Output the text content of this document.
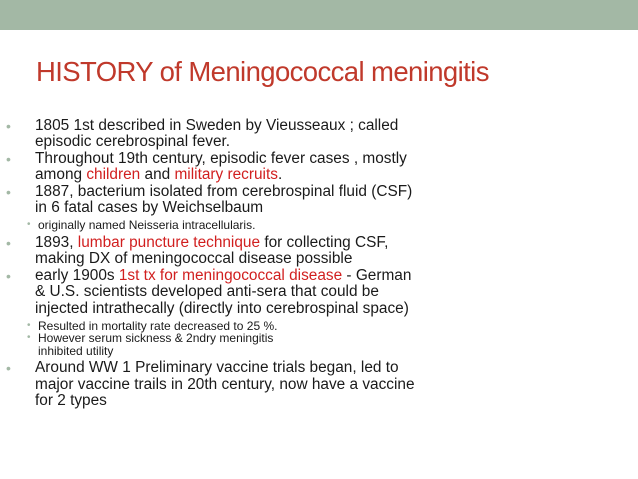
HISTORY of Meningococcal meningitis
• 1805 1st described in Sweden by Vieusseaux ; called episodic cerebrospinal fever.
• Throughout 19th century, episodic fever cases , mostly among children and military recruits.
• 1887, bacterium isolated from cerebrospinal fluid (CSF) in 6 fatal cases by Weichselbaum
• originally named Neisseria intracellularis.
• 1893, lumbar puncture technique for collecting CSF, making DX of meningococcal disease possible
• early 1900s 1st tx for meningococcal disease - German & U.S. scientists developed anti-sera that could be injected intrathecally (directly into cerebrospinal space)
• Resulted in mortality rate decreased to 25 %.
• However serum sickness & 2ndry meningitis inhibited utility
• Around WW 1 Preliminary vaccine trials began, led to major vaccine trails in 20th century, now have a vaccine for 2 types
